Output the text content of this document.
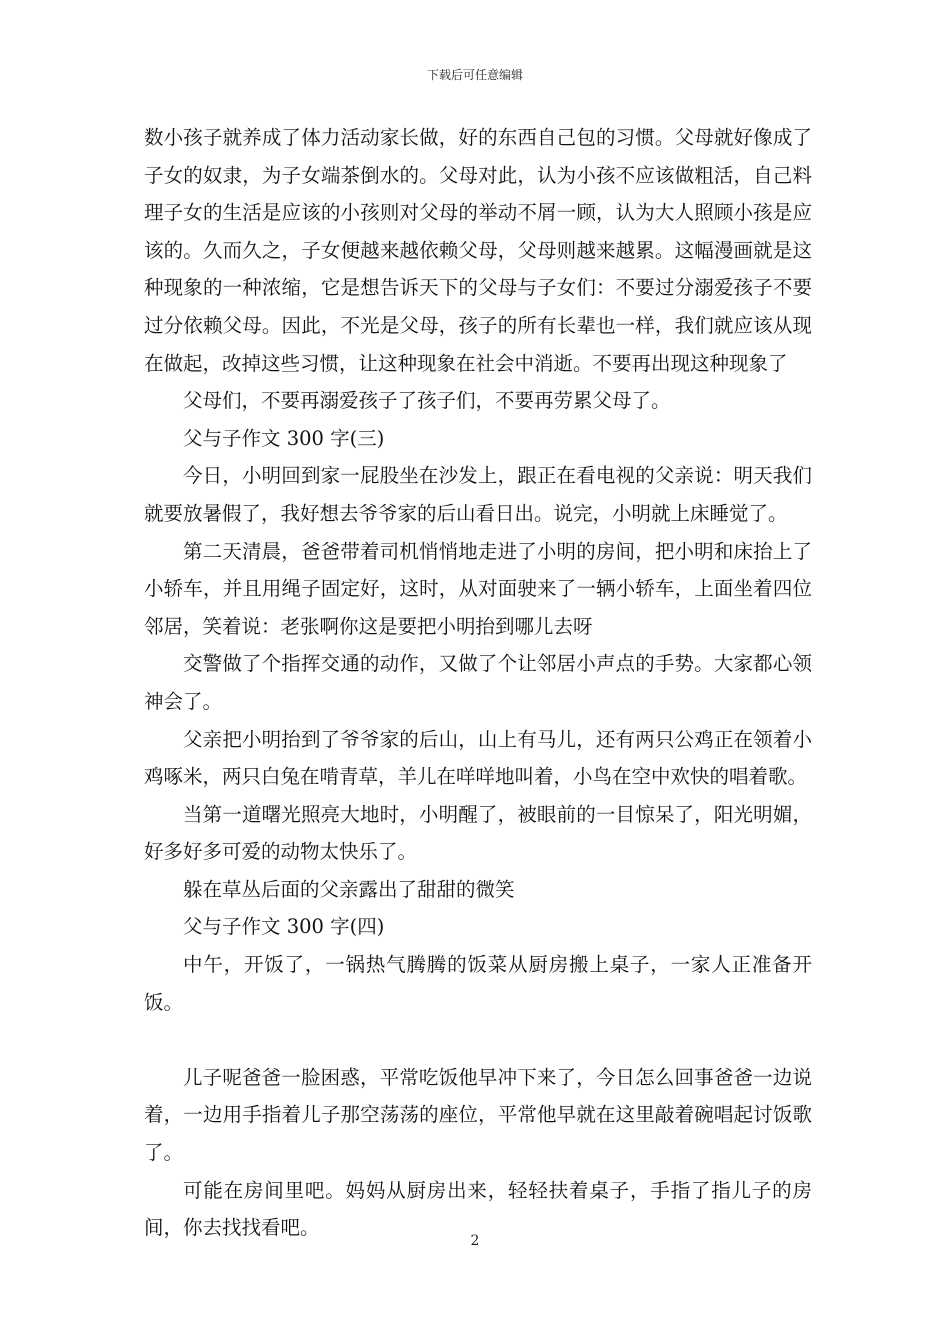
下载后可任意编辑

数小孩子就养成了体力活动家长做，好的东西自己包的习惯。父母就好像成了子女的奴隶，为子女端茶倒水的。父母对此，认为小孩不应该做粗活，自己料理子女的生活是应该的小孩则对父母的举动不屑一顾，认为大人照顾小孩是应该的。久而久之，子女便越来越依赖父母，父母则越来越累。这幅漫画就是这种现象的一种浓缩，它是想告诉天下的父母与子女们：不要过分溺爱孩子不要过分依赖父母。因此，不光是父母，孩子的所有长辈也一样，我们就应该从现在做起，改掉这些习惯，让这种现象在社会中消逝。不要再出现这种现象了

父母们，不要再溺爱孩子了孩子们，不要再劳累父母了。

父与子作文 300 字(三)

今日，小明回到家一屁股坐在沙发上，跟正在看电视的父亲说：明天我们就要放暑假了，我好想去爷爷家的后山看日出。说完，小明就上床睡觉了。

第二天清晨，爸爸带着司机悄悄地走进了小明的房间，把小明和床抬上了小轿车，并且用绳子固定好，这时，从对面驶来了一辆小轿车，上面坐着四位邻居，笑着说：老张啊你这是要把小明抬到哪儿去呀

交警做了个指挥交通的动作，又做了个让邻居小声点的手势。大家都心领神会了。

父亲把小明抬到了爷爷家的后山，山上有马儿，还有两只公鸡正在领着小鸡啄米，两只白兔在啃青草，羊儿在咩咩地叫着，小鸟在空中欢快的唱着歌。

当第一道曙光照亮大地时，小明醒了，被眼前的一目惊呆了，阳光明媚，好多好多可爱的动物太快乐了。

躲在草丛后面的父亲露出了甜甜的微笑

父与子作文 300 字(四)

中午，开饭了，一锅热气腾腾的饭菜从厨房搬上桌子，一家人正准备开饭。

儿子呢爸爸一脸困惑，平常吃饭他早冲下来了，今日怎么回事爸爸一边说着，一边用手指着儿子那空荡荡的座位，平常他早就在这里敲着碗唱起讨饭歌了。

可能在房间里吧。妈妈从厨房出来，轻轻扶着桌子，手指了指儿子的房间，你去找找看吧。

2
